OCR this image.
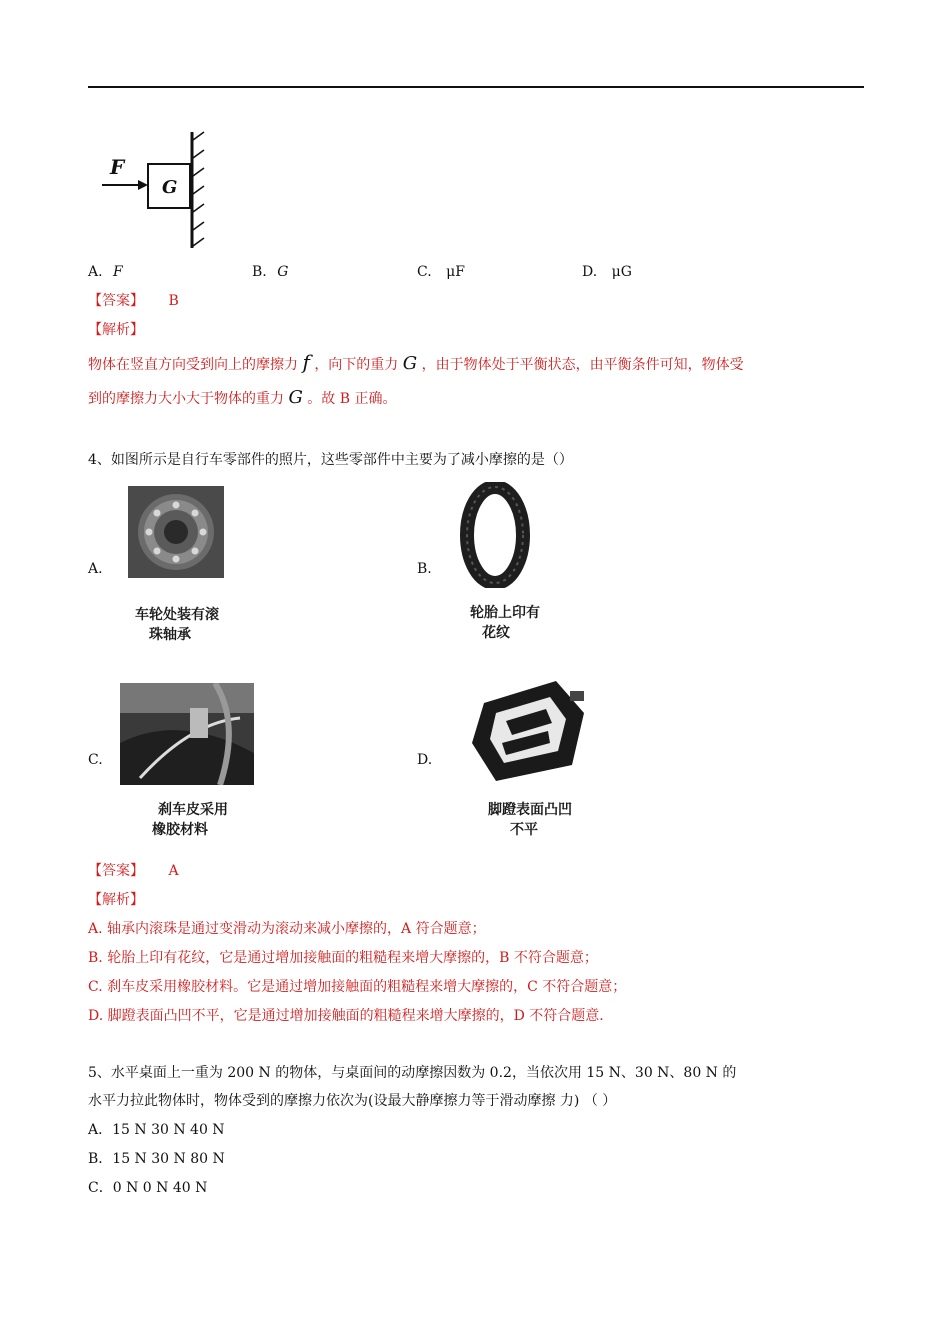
F
G
A. F	B. G	C. μF	D. μG
【答案】 B
【解析】
物体在竖直方向受到向上的摩擦力 f ，向下的重力 G ，由于物体处于平衡状态，由平衡条件可知，物体受
到的摩擦力大小大于物体的重力 G 。故 B 正确。
4、如图所示是自行车零部件的照片，这些零部件中主要为了减小摩擦的是（）
A.
车轮处装有滚
珠轴承
B.
轮胎上印有
花纹
C.
刹车皮采用
橡胶材料
D.
脚蹬表面凸凹
不平
【答案】 A
【解析】
A. 轴承内滚珠是通过变滑动为滚动来减小摩擦的，A 符合题意；
B. 轮胎上印有花纹，它是通过增加接触面的粗糙程来增大摩擦的，B 不符合题意；
C. 刹车皮采用橡胶材料。它是通过增加接触面的粗糙程来增大摩擦的，C 不符合题意；
D. 脚蹬表面凸凹不平，它是通过增加接触面的粗糙程来增大摩擦的，D 不符合题意.
5、水平桌面上一重为 200 N 的物体，与桌面间的动摩擦因数为 0.2，当依次用 15 N、30 N、80 N 的
水平力拉此物体时，物体受到的摩擦力依次为(设最大静摩擦力等于滑动摩擦 力) （ ）
A．15 N 30 N 40 N
B．15 N 30 N 80 N
C．0 N 0 N 40 N
